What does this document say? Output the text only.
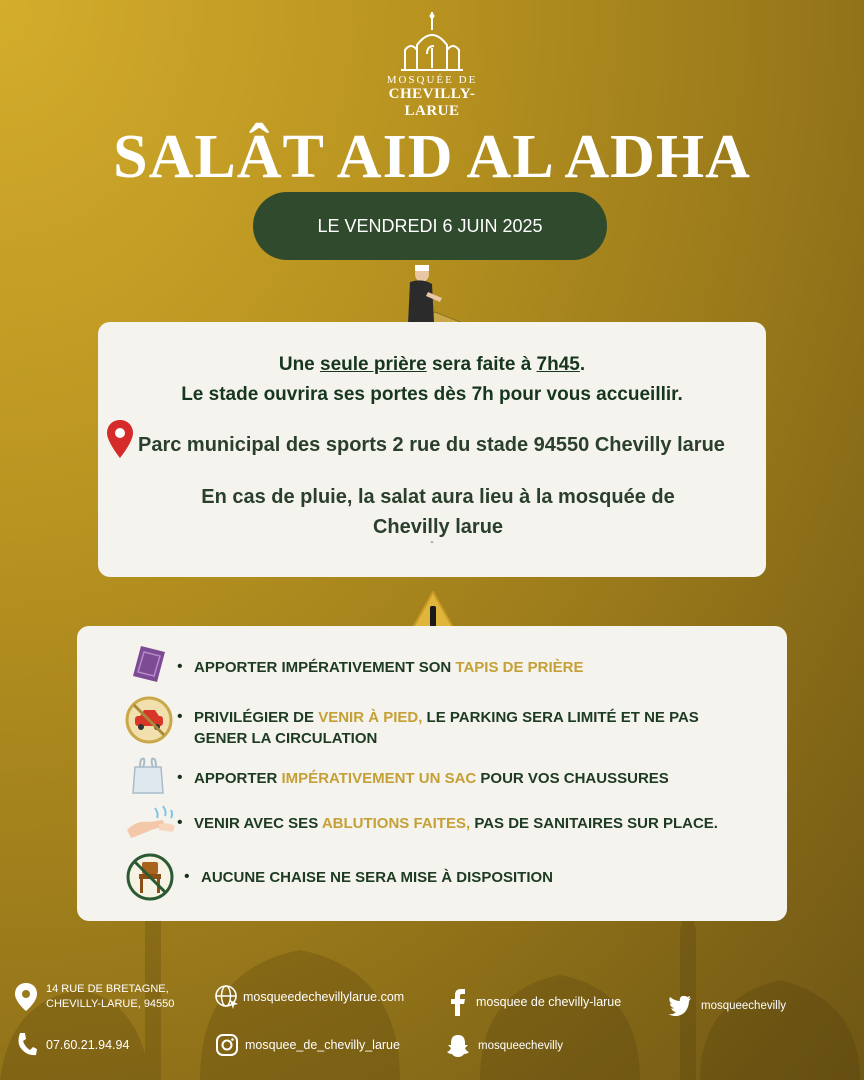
MOSQUÉE DE
CHEVILLY-LARUE
SALÂT AID AL ADHA
LE VENDREDI 6 JUIN 2025
Une seule prière sera faite à 7h45.
Le stade ouvrira ses portes dès 7h pour vous accueillir.
Parc municipal des sports 2 rue du stade 94550 Chevilly larue
En cas de pluie, la salat aura lieu à la mosquée de Chevilly larue
-
• APPORTER IMPÉRATIVEMENT SON TAPIS DE PRIÈRE
• PRIVILÉGIER DE VENIR À PIED, LE PARKING SERA LIMITÉ ET NE PAS GENER LA CIRCULATION
• APPORTER IMPÉRATIVEMENT UN SAC POUR VOS CHAUSSURES
• VENIR AVEC SES ABLUTIONS FAITES, PAS DE SANITAIRES SUR PLACE.
• AUCUNE CHAISE NE SERA MISE À DISPOSITION
14 RUE DE BRETAGNE,
CHEVILLY-LARUE, 94550
mosqueedechevillylarue.com	mosquee de chevilly-larue	mosqueechevilly
07.60.21.94.94	mosquee_de_chevilly_larue	mosqueechevilly
